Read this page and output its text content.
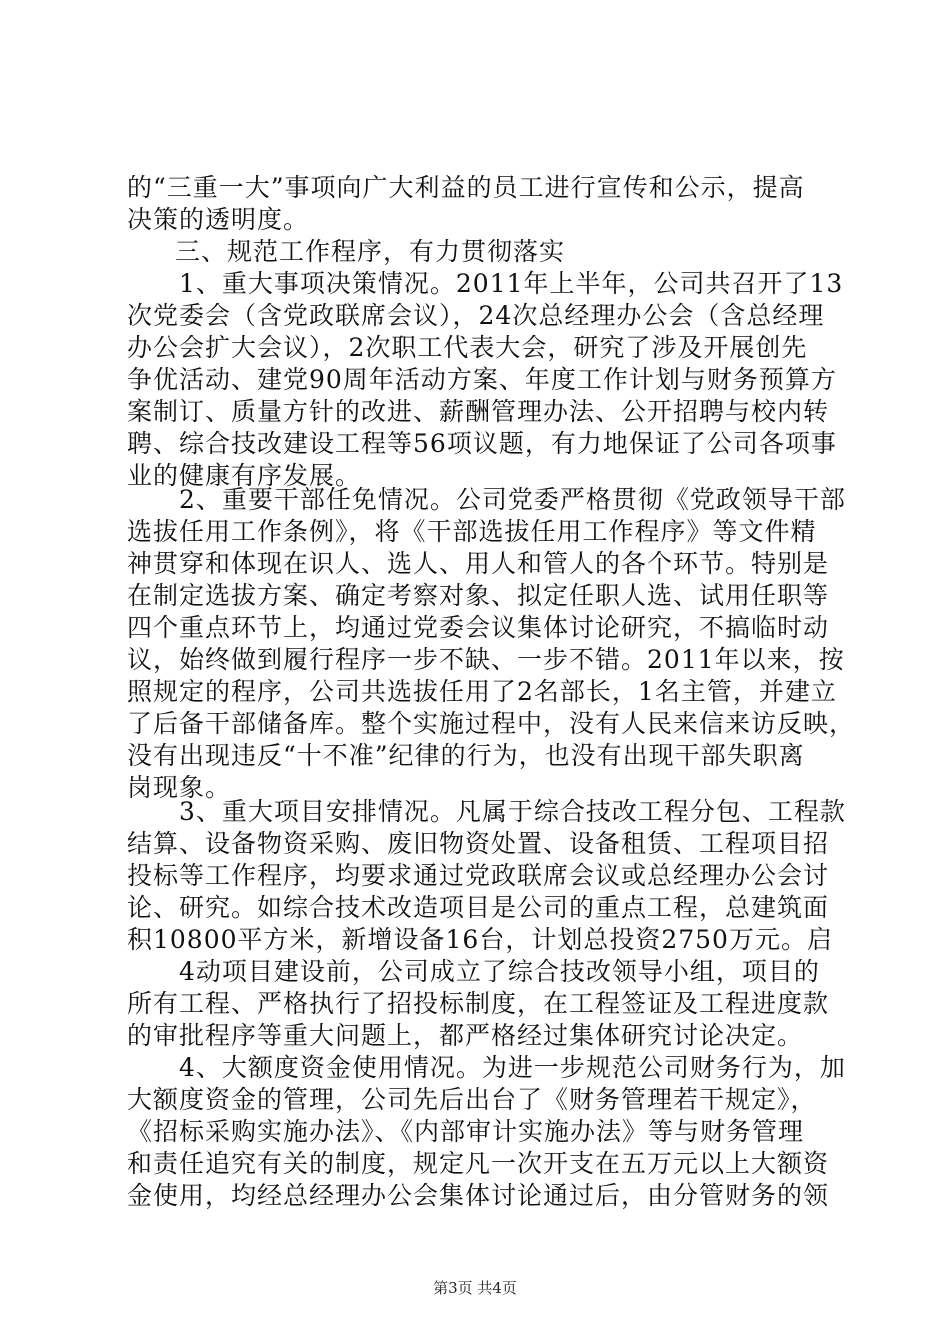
的“三重一大”事项向广大利益的员工进行宣传和公示，提高
决策的透明度。
三、规范工作程序，有力贯彻落实
1、重大事项决策情况。2011年上半年，公司共召开了13
次党委会（含党政联席会议），24次总经理办公会（含总经理
办公会扩大会议），2次职工代表大会，研究了涉及开展创先
争优活动、建党90周年活动方案、年度工作计划与财务预算方
案制订、质量方针的改进、薪酬管理办法、公开招聘与校内转
聘、综合技改建设工程等56项议题，有力地保证了公司各项事
业的健康有序发展。
2、重要干部任免情况。公司党委严格贯彻《党政领导干部
选拔任用工作条例》，将《干部选拔任用工作程序》等文件精
神贯穿和体现在识人、选人、用人和管人的各个环节。特别是
在制定选拔方案、确定考察对象、拟定任职人选、试用任职等
四个重点环节上，均通过党委会议集体讨论研究，不搞临时动
议，始终做到履行程序一步不缺、一步不错。2011年以来，按
照规定的程序，公司共选拔任用了2名部长，1名主管，并建立
了后备干部储备库。整个实施过程中，没有人民来信来访反映，
没有出现违反“十不准”纪律的行为，也没有出现干部失职离
岗现象。
3、重大项目安排情况。凡属于综合技改工程分包、工程款
结算、设备物资采购、废旧物资处置、设备租赁、工程项目招
投标等工作程序，均要求通过党政联席会议或总经理办公会讨
论、研究。如综合技术改造项目是公司的重点工程，总建筑面
积10800平方米，新增设备16台，计划总投资2750万元。启
4动项目建设前，公司成立了综合技改领导小组，项目的
所有工程、严格执行了招投标制度，在工程签证及工程进度款
的审批程序等重大问题上，都严格经过集体研究讨论决定。
4、大额度资金使用情况。为进一步规范公司财务行为，加
大额度资金的管理，公司先后出台了《财务管理若干规定》，
《招标采购实施办法》、《内部审计实施办法》等与财务管理
和责任追究有关的制度，规定凡一次开支在五万元以上大额资
金使用，均经总经理办公会集体讨论通过后，由分管财务的领
第3页 共4页
